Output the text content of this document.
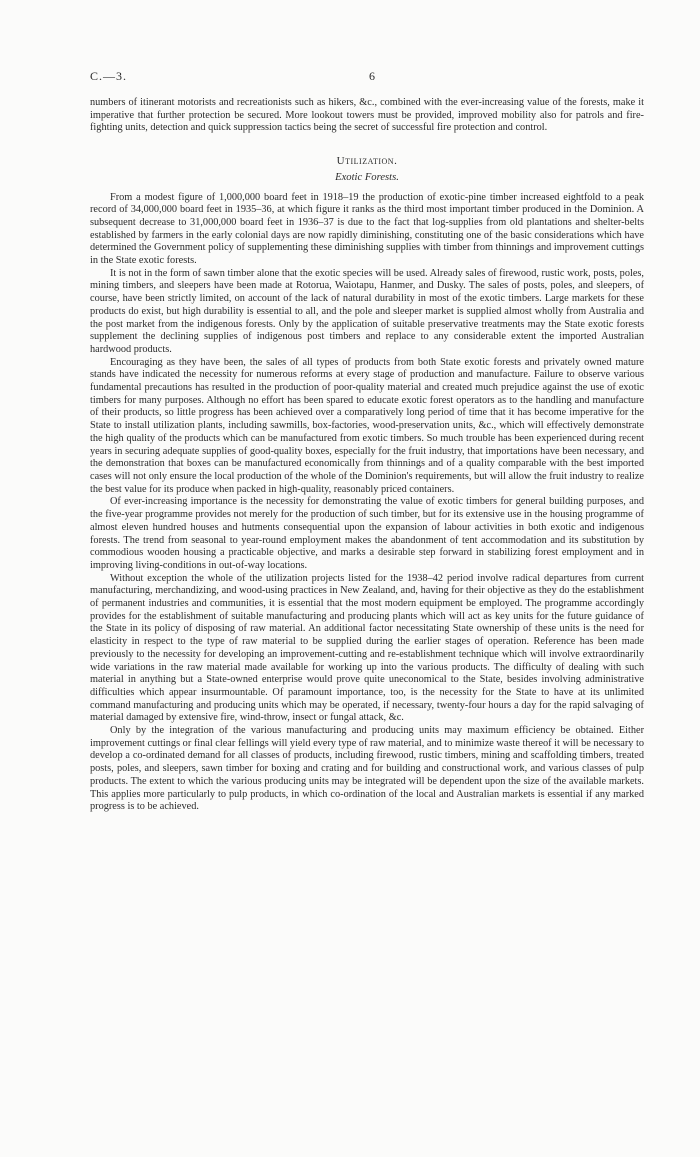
C.—3.	6

numbers of itinerant motorists and recreationists such as hikers, &c., combined with the ever-increasing value of the forests, make it imperative that further protection be secured. More lookout towers must be provided, improved mobility also for patrols and fire-fighting units, detection and quick suppression tactics being the secret of successful fire protection and control.

Utilization.
Exotic Forests.

From a modest figure of 1,000,000 board feet in 1918–19 the production of exotic-pine timber increased eightfold to a peak record of 34,000,000 board feet in 1935–36, at which figure it ranks as the third most important timber produced in the Dominion. A subsequent decrease to 31,000,000 board feet in 1936–37 is due to the fact that log-supplies from old plantations and shelter-belts established by farmers in the early colonial days are now rapidly diminishing, constituting one of the basic considerations which have determined the Government policy of supplementing these diminishing supplies with timber from thinnings and improvement cuttings in the State exotic forests.

It is not in the form of sawn timber alone that the exotic species will be used. Already sales of firewood, rustic work, posts, poles, mining timbers, and sleepers have been made at Rotorua, Waiotapu, Hanmer, and Dusky. The sales of posts, poles, and sleepers, of course, have been strictly limited, on account of the lack of natural durability in most of the exotic timbers. Large markets for these products do exist, but high durability is essential to all, and the pole and sleeper market is supplied almost wholly from Australia and the post market from the indigenous forests. Only by the application of suitable preservative treatments may the State exotic forests supplement the declining supplies of indigenous post timbers and replace to any considerable extent the imported Australian hardwood products.

Encouraging as they have been, the sales of all types of products from both State exotic forests and privately owned mature stands have indicated the necessity for numerous reforms at every stage of production and manufacture. Failure to observe various fundamental precautions has resulted in the production of poor-quality material and created much prejudice against the use of exotic timbers for many purposes. Although no effort has been spared to educate exotic forest operators as to the handling and manufacture of their products, so little progress has been achieved over a comparatively long period of time that it has become imperative for the State to install utilization plants, including sawmills, box-factories, wood-preservation units, &c., which will effectively demonstrate the high quality of the products which can be manufactured from exotic timbers. So much trouble has been experienced during recent years in securing adequate supplies of good-quality boxes, especially for the fruit industry, that importations have been necessary, and the demonstration that boxes can be manufactured economically from thinnings and of a quality comparable with the best imported cases will not only ensure the local production of the whole of the Dominion's requirements, but will allow the fruit industry to realize the best value for its produce when packed in high-quality, reasonably priced containers.

Of ever-increasing importance is the necessity for demonstrating the value of exotic timbers for general building purposes, and the five-year programme provides not merely for the production of such timber, but for its extensive use in the housing programme of almost eleven hundred houses and hutments consequential upon the expansion of labour activities in both exotic and indigenous forests. The trend from seasonal to year-round employment makes the abandonment of tent accommodation and its substitution by commodious wooden housing a practicable objective, and marks a desirable step forward in stabilizing forest employment and in improving living-conditions in out-of-way locations.

Without exception the whole of the utilization projects listed for the 1938–42 period involve radical departures from current manufacturing, merchandizing, and wood-using practices in New Zealand, and, having for their objective as they do the establishment of permanent industries and communities, it is essential that the most modern equipment be employed. The programme accordingly provides for the establishment of suitable manufacturing and producing plants which will act as key units for the future guidance of the State in its policy of disposing of raw material. An additional factor necessitating State ownership of these units is the need for elasticity in respect to the type of raw material to be supplied during the earlier stages of operation. Reference has been made previously to the necessity for developing an improvement-cutting and re-establishment technique which will involve extraordinarily wide variations in the raw material made available for working up into the various products. The difficulty of dealing with such material in anything but a State-owned enterprise would prove quite uneconomical to the State, besides involving administrative difficulties which appear insurmountable. Of paramount importance, too, is the necessity for the State to have at its unlimited command manufacturing and producing units which may be operated, if necessary, twenty-four hours a day for the rapid salvaging of material damaged by extensive fire, wind-throw, insect or fungal attack, &c.

Only by the integration of the various manufacturing and producing units may maximum efficiency be obtained. Either improvement cuttings or final clear fellings will yield every type of raw material, and to minimize waste thereof it will be necessary to develop a co-ordinated demand for all classes of products, including firewood, rustic timbers, mining and scaffolding timbers, treated posts, poles, and sleepers, sawn timber for boxing and crating and for building and constructional work, and various classes of pulp products. The extent to which the various producing units may be integrated will be dependent upon the size of the available markets. This applies more particularly to pulp products, in which co-ordination of the local and Australian markets is essential if any marked progress is to be achieved.
